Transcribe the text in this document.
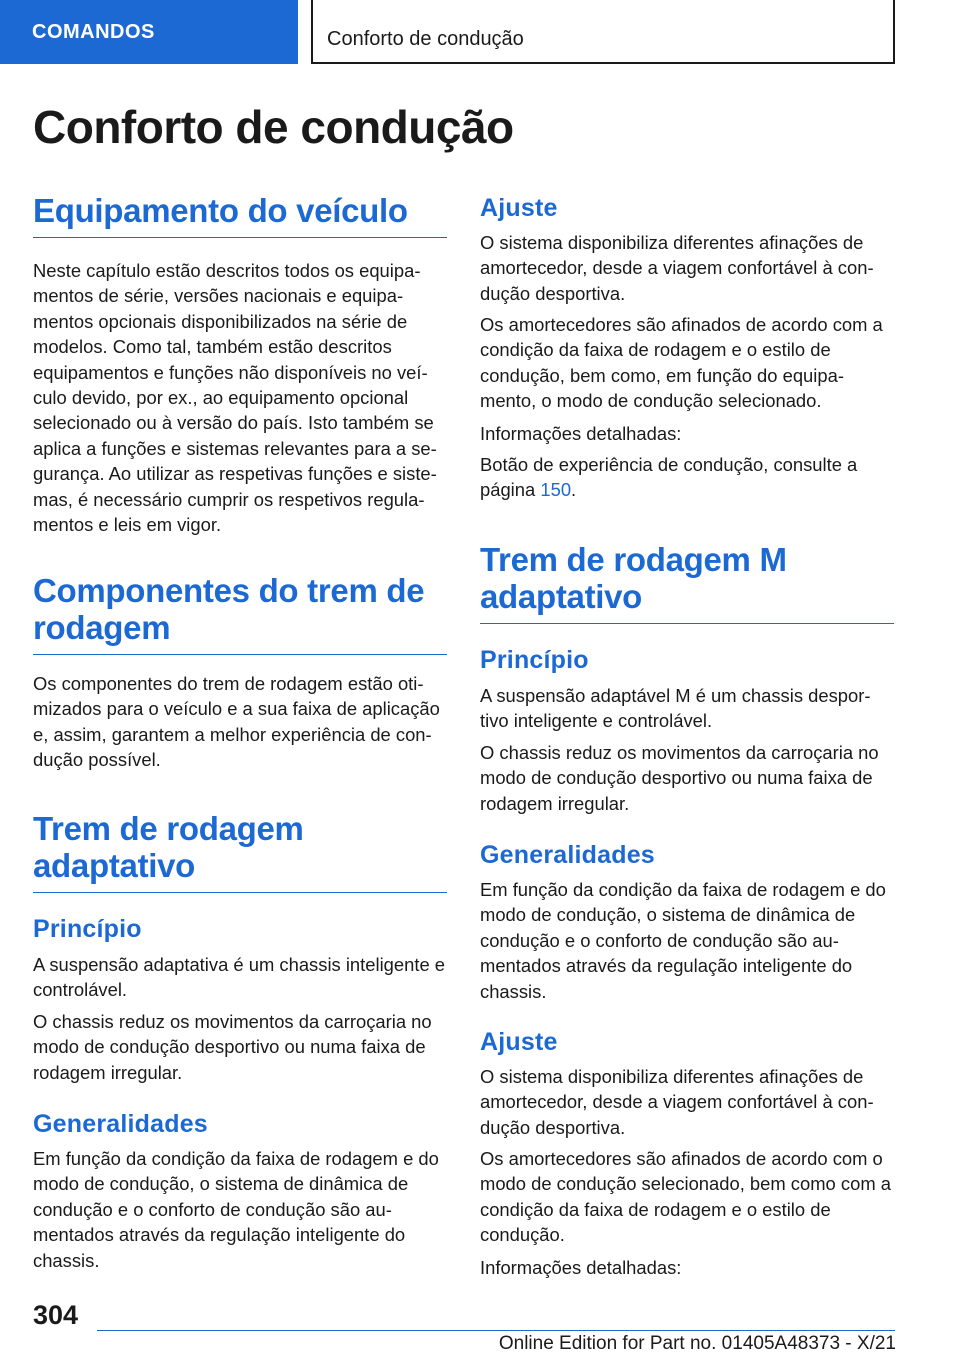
COMANDOS	Conforto de condução
Conforto de condução
Equipamento do veículo

Neste capítulo estão descritos todos os equipa-mentos de série, versões nacionais e equipa-mentos opcionais disponibilizados na série de modelos. Como tal, também estão descritos equipamentos e funções não disponíveis no veí-culo devido, por ex., ao equipamento opcional selecionado ou à versão do país. Isto também se aplica a funções e sistemas relevantes para a se-gurança. Ao utilizar as respetivas funções e siste-mas, é necessário cumprir os respetivos regula-mentos e leis em vigor.

Componentes do trem de rodagem

Os componentes do trem de rodagem estão oti-mizados para o veículo e a sua faixa de aplicação e, assim, garantem a melhor experiência de con-dução possível.

Trem de rodagem adaptativo
Princípio

A suspensão adaptativa é um chassis inteligente e controlável.

O chassis reduz os movimentos da carroçaria no modo de condução desportivo ou numa faixa de rodagem irregular.

Generalidades

Em função da condição da faixa de rodagem e do modo de condução, o sistema de dinâmica de condução e o conforto de condução são au-mentados através da regulação inteligente do chassis.

Ajuste

O sistema disponibiliza diferentes afinações de amortecedor, desde a viagem confortável à con-dução desportiva.

Os amortecedores são afinados de acordo com a condição da faixa de rodagem e o estilo de condução, bem como, em função do equipa-mento, o modo de condução selecionado.

Informações detalhadas:

Botão de experiência de condução, consulte a página 150.

Trem de rodagem M adaptativo
Princípio

A suspensão adaptável M é um chassis despor-tivo inteligente e controlável.

O chassis reduz os movimentos da carroçaria no modo de condução desportivo ou numa faixa de rodagem irregular.

Generalidades

Em função da condição da faixa de rodagem e do modo de condução, o sistema de dinâmica de condução e o conforto de condução são au-mentados através da regulação inteligente do chassis.

Ajuste

O sistema disponibiliza diferentes afinações de amortecedor, desde a viagem confortável à con-dução desportiva.

Os amortecedores são afinados de acordo com o modo de condução selecionado, bem como com a condição da faixa de rodagem e o estilo de condução.

Informações detalhadas:

304
Online Edition for Part no. 01405A48373 - X/21
